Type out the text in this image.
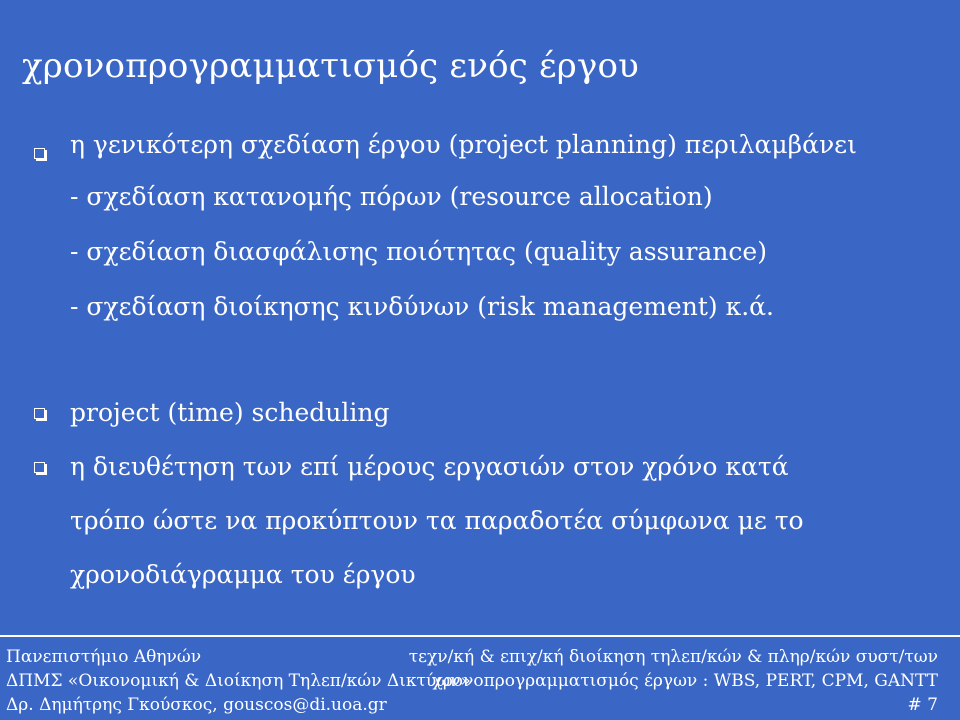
χρονοπρογραμματισμός ενός έργου
η γενικότερη σχεδίαση έργου (project planning) περιλαμβάνει
- σχεδίαση κατανομής πόρων (resource allocation)
- σχεδίαση διασφάλισης ποιότητας (quality assurance)
- σχεδίαση διοίκησης κινδύνων (risk management) κ.ά.
project (time) scheduling
η διευθέτηση των επί μέρους εργασιών στον χρόνο κατά
τρόπο ώστε να προκύπτουν τα παραδοτέα σύμφωνα με το
χρονοδιάγραμμα του έργου
Πανεπιστήμιο Αθηνών
ΔΠΜΣ «Οικονομική & Διοίκηση Τηλεπ/κών Δικτύων»
Δρ. Δημήτρης Γκούσκος, gouscos@di.uoa.gr
τεχν/κή & επιχ/κή διοίκηση τηλεπ/κών & πληρ/κών συστ/των
χρονοπρογραμματισμός έργων : WBS, PERT, CPM, GANTT
# 7
